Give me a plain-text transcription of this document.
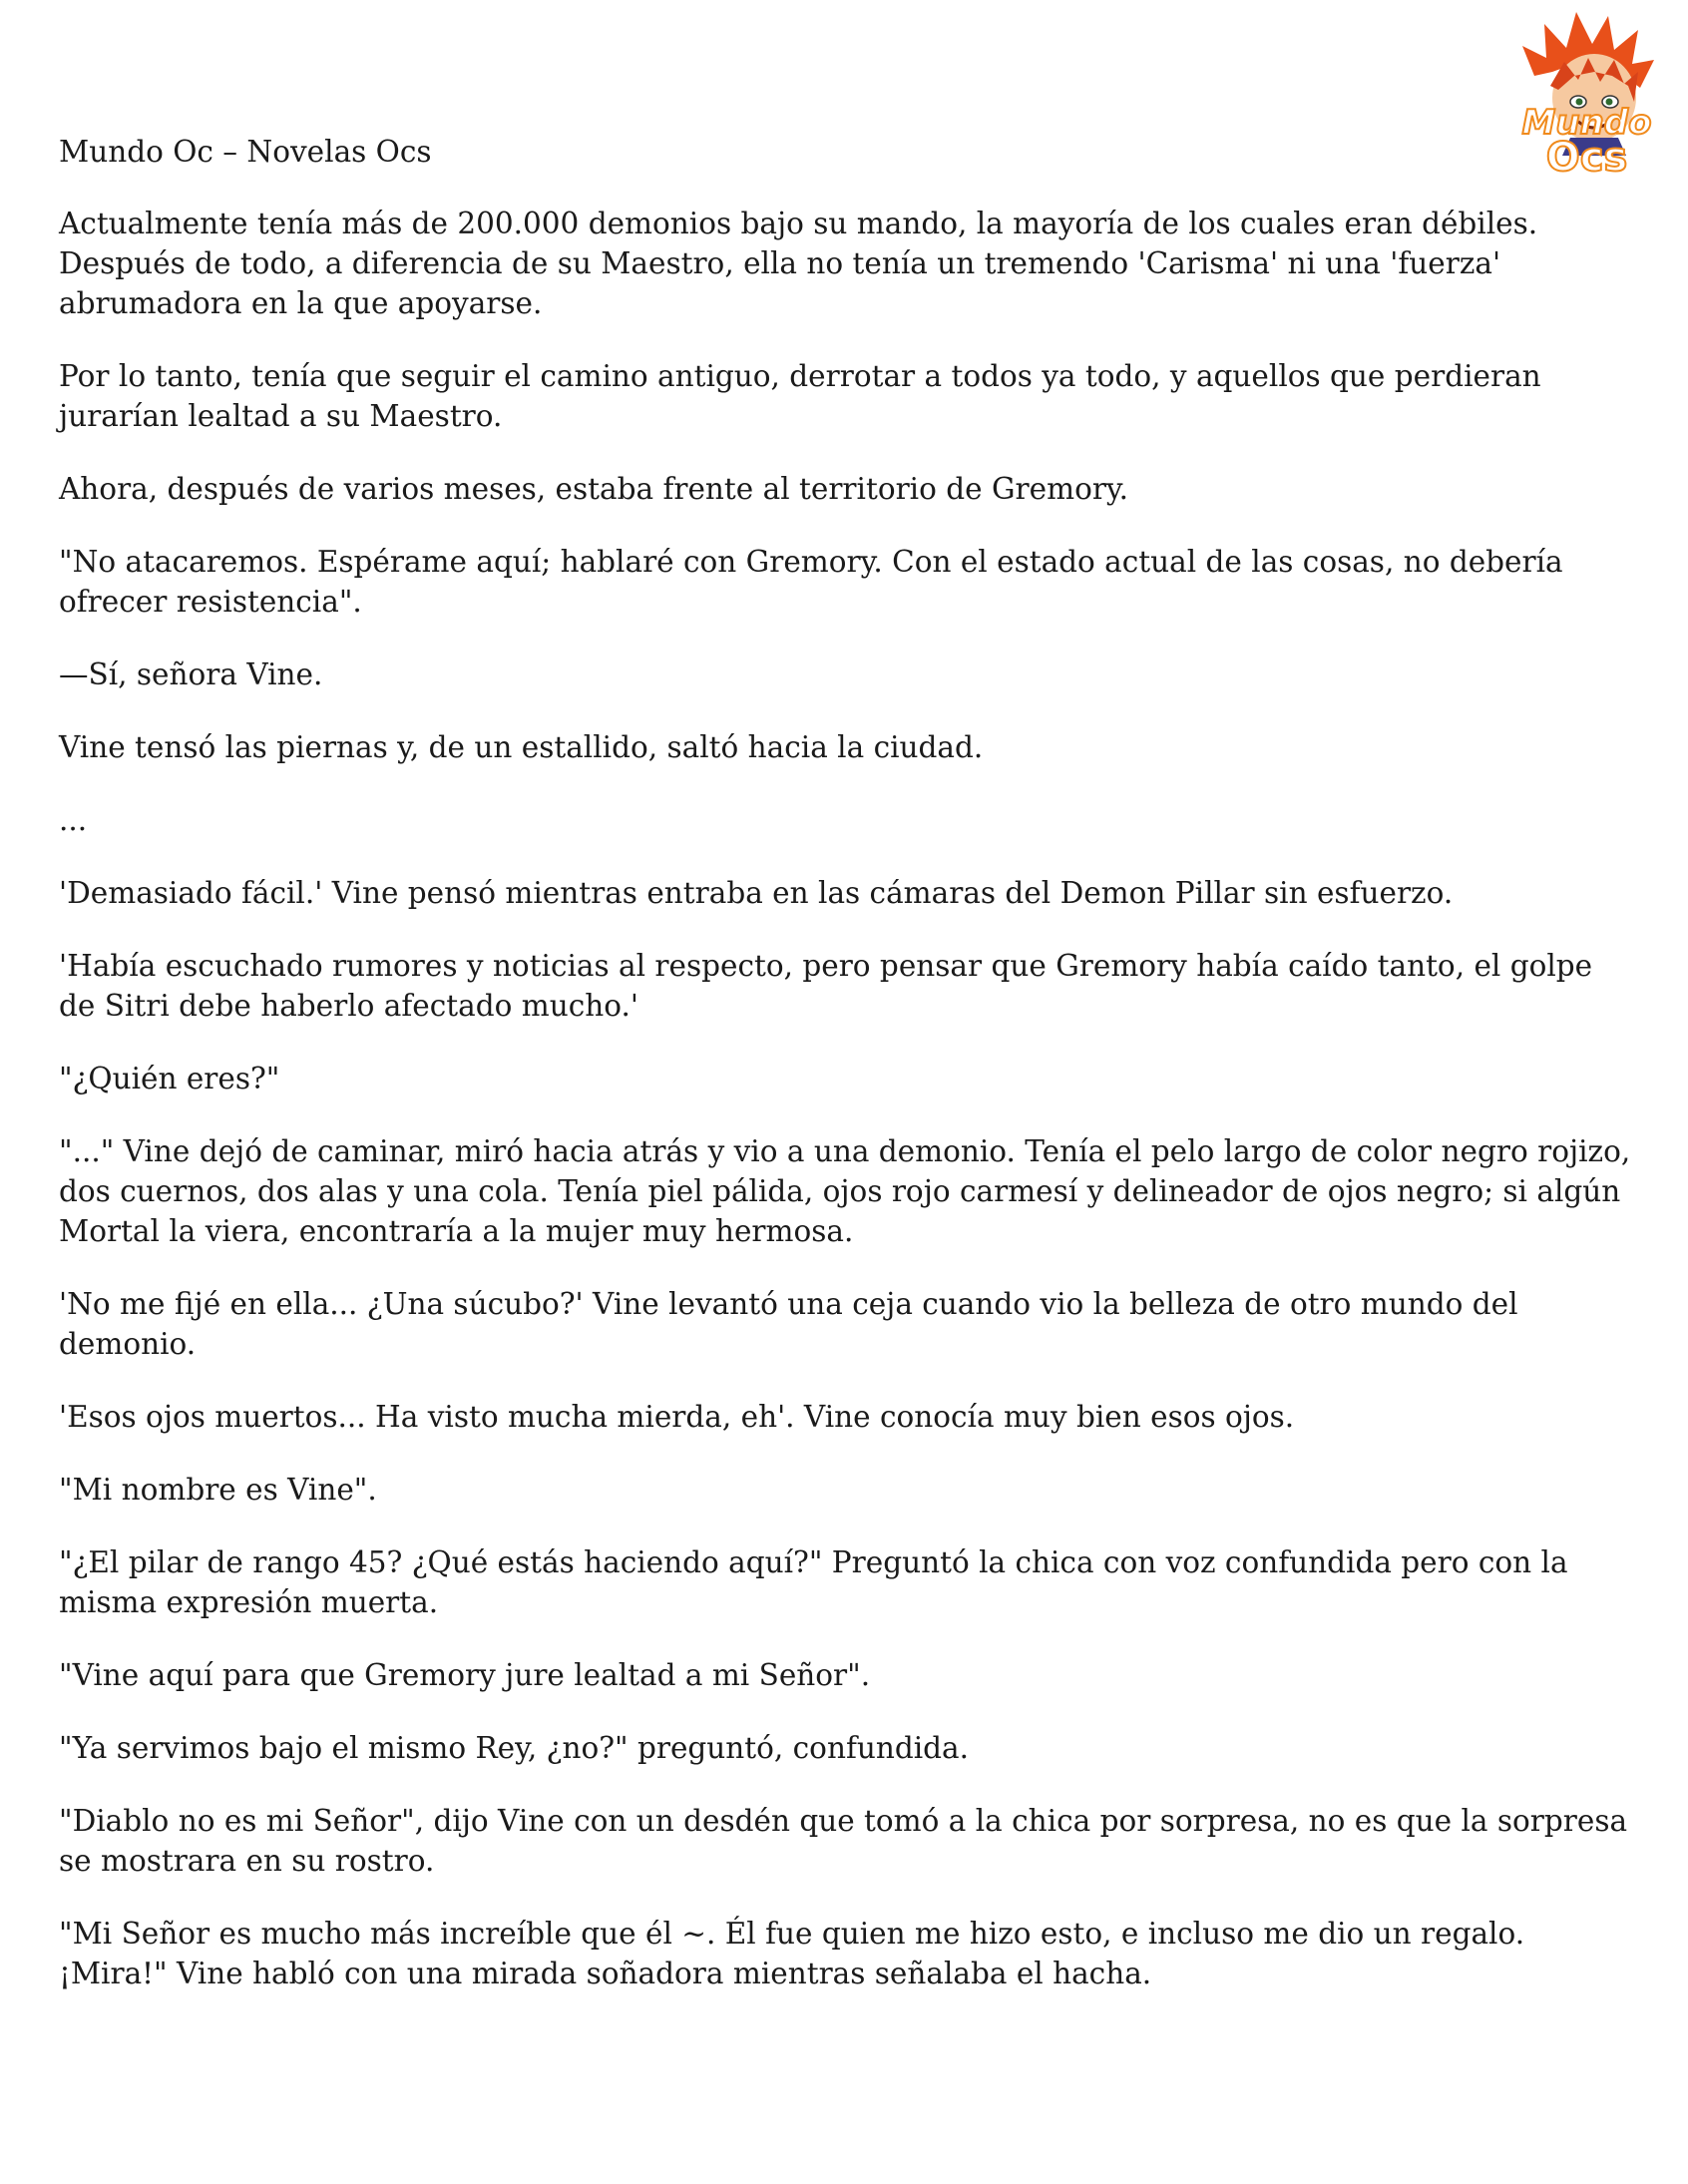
Mundo
Ocs

Mundo Oc – Novelas Ocs

Actualmente tenía más de 200.000 demonios bajo su mando, la mayoría de los cuales eran débiles. Después de todo, a diferencia de su Maestro, ella no tenía un tremendo 'Carisma' ni una 'fuerza' abrumadora en la que apoyarse.

Por lo tanto, tenía que seguir el camino antiguo, derrotar a todos ya todo, y aquellos que perdieran jurarían lealtad a su Maestro.

Ahora, después de varios meses, estaba frente al territorio de Gremory.

"No atacaremos. Espérame aquí; hablaré con Gremory. Con el estado actual de las cosas, no debería ofrecer resistencia".

—Sí, señora Vine.

Vine tensó las piernas y, de un estallido, saltó hacia la ciudad.

...

'Demasiado fácil.' Vine pensó mientras entraba en las cámaras del Demon Pillar sin esfuerzo.

'Había escuchado rumores y noticias al respecto, pero pensar que Gremory había caído tanto, el golpe de Sitri debe haberlo afectado mucho.'

"¿Quién eres?"

"..." Vine dejó de caminar, miró hacia atrás y vio a una demonio. Tenía el pelo largo de color negro rojizo, dos cuernos, dos alas y una cola. Tenía piel pálida, ojos rojo carmesí y delineador de ojos negro; si algún Mortal la viera, encontraría a la mujer muy hermosa.

'No me fijé en ella... ¿Una súcubo?' Vine levantó una ceja cuando vio la belleza de otro mundo del demonio.

'Esos ojos muertos... Ha visto mucha mierda, eh'. Vine conocía muy bien esos ojos.

"Mi nombre es Vine".

"¿El pilar de rango 45? ¿Qué estás haciendo aquí?" Preguntó la chica con voz confundida pero con la misma expresión muerta.

"Vine aquí para que Gremory jure lealtad a mi Señor".

"Ya servimos bajo el mismo Rey, ¿no?" preguntó, confundida.

"Diablo no es mi Señor", dijo Vine con un desdén que tomó a la chica por sorpresa, no es que la sorpresa se mostrara en su rostro.

"Mi Señor es mucho más increíble que él ~. Él fue quien me hizo esto, e incluso me dio un regalo. ¡Mira!" Vine habló con una mirada soñadora mientras señalaba el hacha.
